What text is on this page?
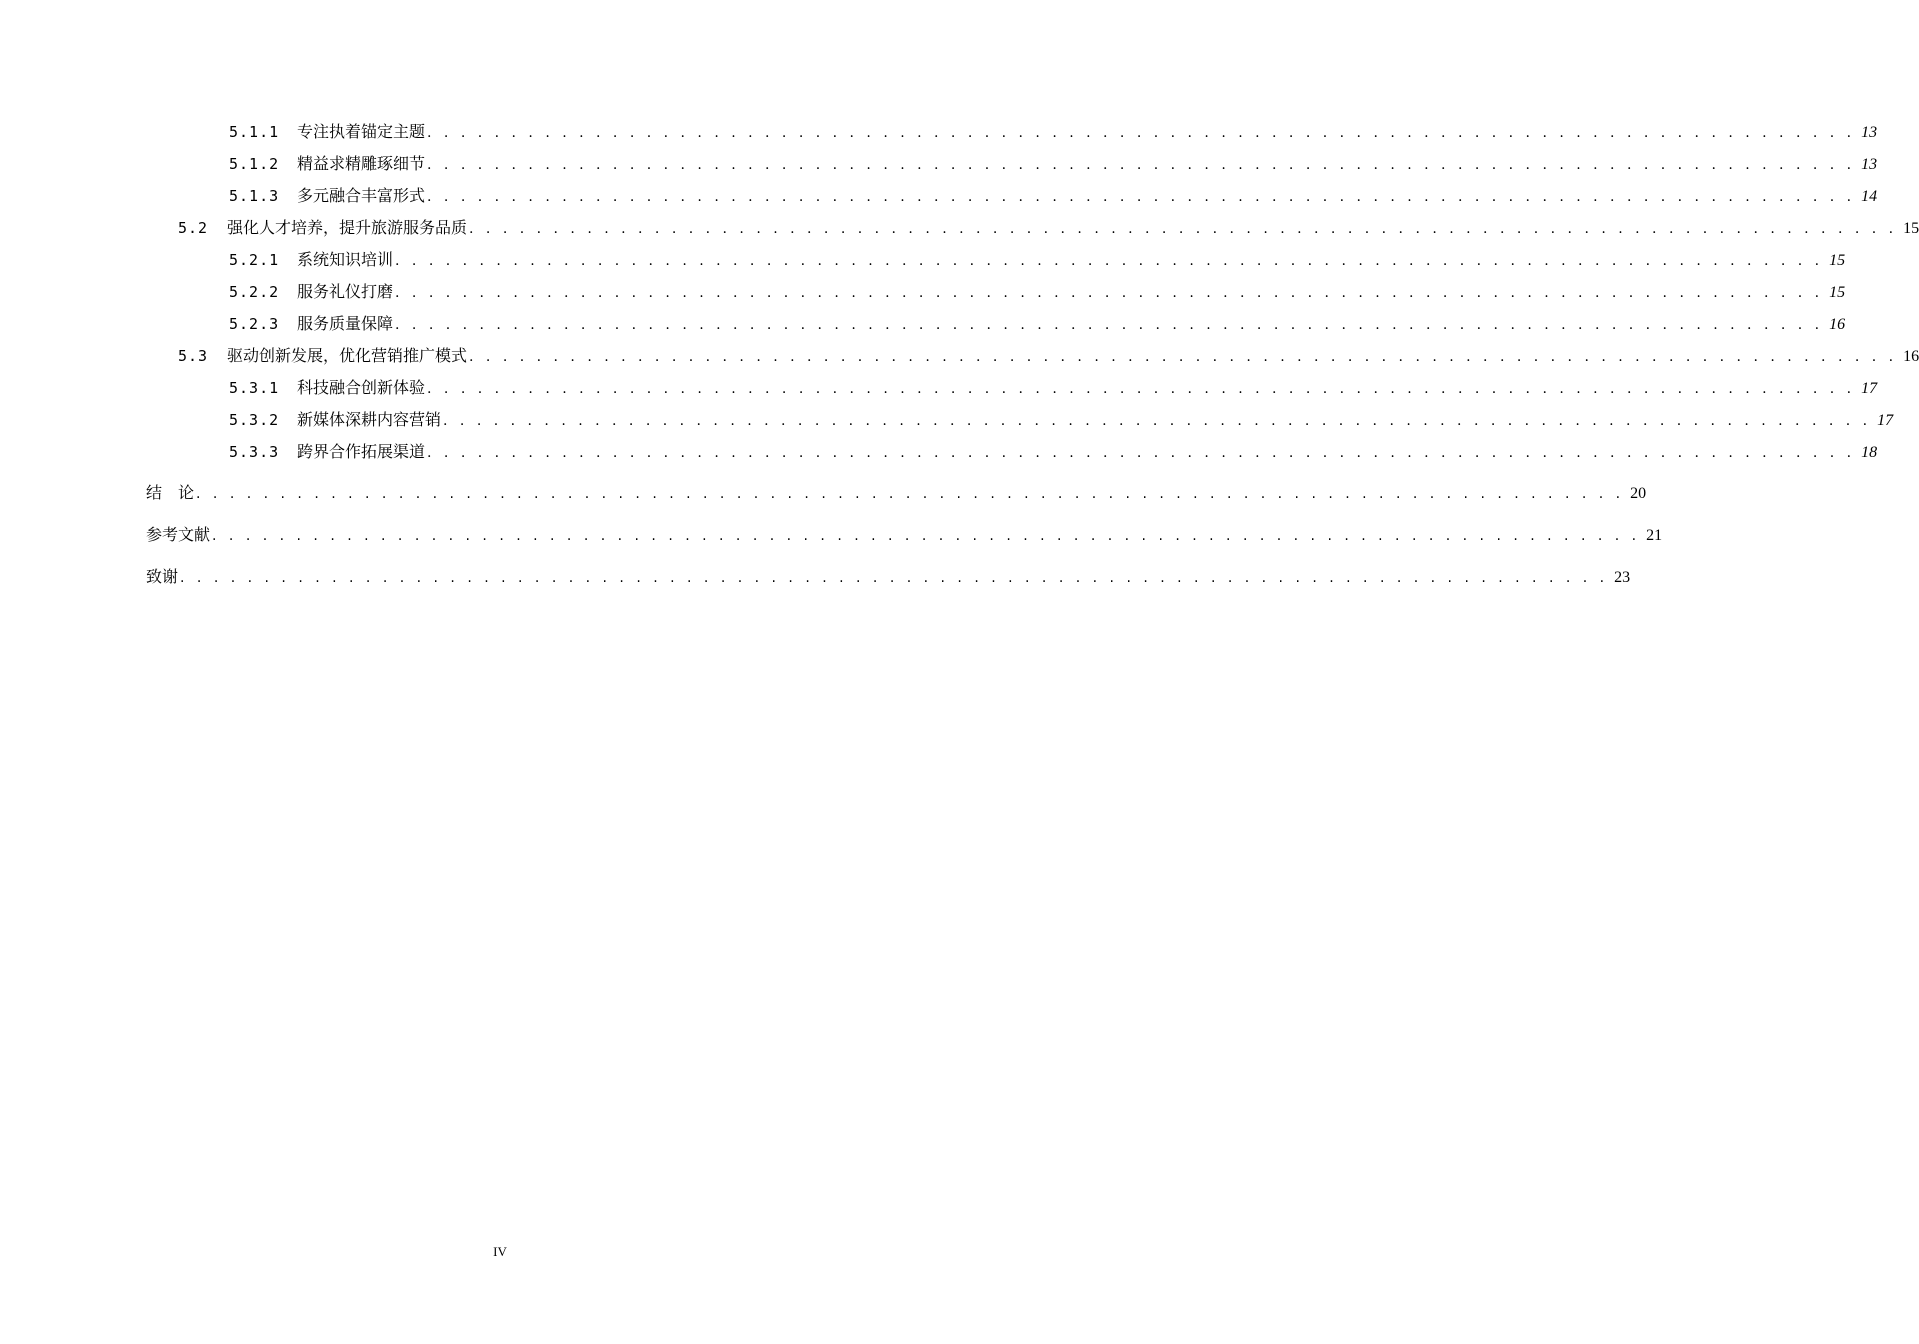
5.1.1	专注执着锚定主题 . . . . . . . . . . . . . . . . . . . . . . . . . . . . . . . . . . . . . . . . . . . . . . . . . . . . . . . . . . . . . . . . . . . . . . . . . . . . . . . . . . . . . 13
5.1.2	精益求精雕琢细节 . . . . . . . . . . . . . . . . . . . . . . . . . . . . . . . . . . . . . . . . . . . . . . . . . . . . . . . . . . . . . . . . . . . . . . . . . . . . . . . . . . . . . 13
5.1.3	多元融合丰富形式 . . . . . . . . . . . . . . . . . . . . . . . . . . . . . . . . . . . . . . . . . . . . . . . . . . . . . . . . . . . . . . . . . . . . . . . . . . . . . . . . . . . . . 14
5.2	强化人才培养，提升旅游服务品质 . . . . . . . . . . . . . . . . . . . . . . . . . . . . . . . . . . . . . . . . . . . . . . . . . . . . . . . . . . . . . . . . . . . . . . . . . . . . . . . . . . . . . 15
5.2.1	系统知识培训 . . . . . . . . . . . . . . . . . . . . . . . . . . . . . . . . . . . . . . . . . . . . . . . . . . . . . . . . . . . . . . . . . . . . . . . . . . . . . . . . . . . . . 15
5.2.2	服务礼仪打磨 . . . . . . . . . . . . . . . . . . . . . . . . . . . . . . . . . . . . . . . . . . . . . . . . . . . . . . . . . . . . . . . . . . . . . . . . . . . . . . . . . . . . . 15
5.2.3	服务质量保障 . . . . . . . . . . . . . . . . . . . . . . . . . . . . . . . . . . . . . . . . . . . . . . . . . . . . . . . . . . . . . . . . . . . . . . . . . . . . . . . . . . . . . 16
5.3	驱动创新发展，优化营销推广模式 . . . . . . . . . . . . . . . . . . . . . . . . . . . . . . . . . . . . . . . . . . . . . . . . . . . . . . . . . . . . . . . . . . . . . . . . . . . . . . . . . . . . . 16
5.3.1	科技融合创新体验 . . . . . . . . . . . . . . . . . . . . . . . . . . . . . . . . . . . . . . . . . . . . . . . . . . . . . . . . . . . . . . . . . . . . . . . . . . . . . . . . . . . . . 17
5.3.2	新媒体深耕内容营销 . . . . . . . . . . . . . . . . . . . . . . . . . . . . . . . . . . . . . . . . . . . . . . . . . . . . . . . . . . . . . . . . . . . . . . . . . . . . . . . . . . . . . 17
5.3.3	跨界合作拓展渠道 . . . . . . . . . . . . . . . . . . . . . . . . . . . . . . . . . . . . . . . . . . . . . . . . . . . . . . . . . . . . . . . . . . . . . . . . . . . . . . . . . . . . . 18
结　论 . . . . . . . . . . . . . . . . . . . . . . . . . . . . . . . . . . . . . . . . . . . . . . . . . . . . . . . . . . . . . . . . . . . . . . . . . . . . . . . . . . . . . 20
参考文献 . . . . . . . . . . . . . . . . . . . . . . . . . . . . . . . . . . . . . . . . . . . . . . . . . . . . . . . . . . . . . . . . . . . . . . . . . . . . . . . . . . . . . 21
致谢 . . . . . . . . . . . . . . . . . . . . . . . . . . . . . . . . . . . . . . . . . . . . . . . . . . . . . . . . . . . . . . . . . . . . . . . . . . . . . . . . . . . . . 23
IV
